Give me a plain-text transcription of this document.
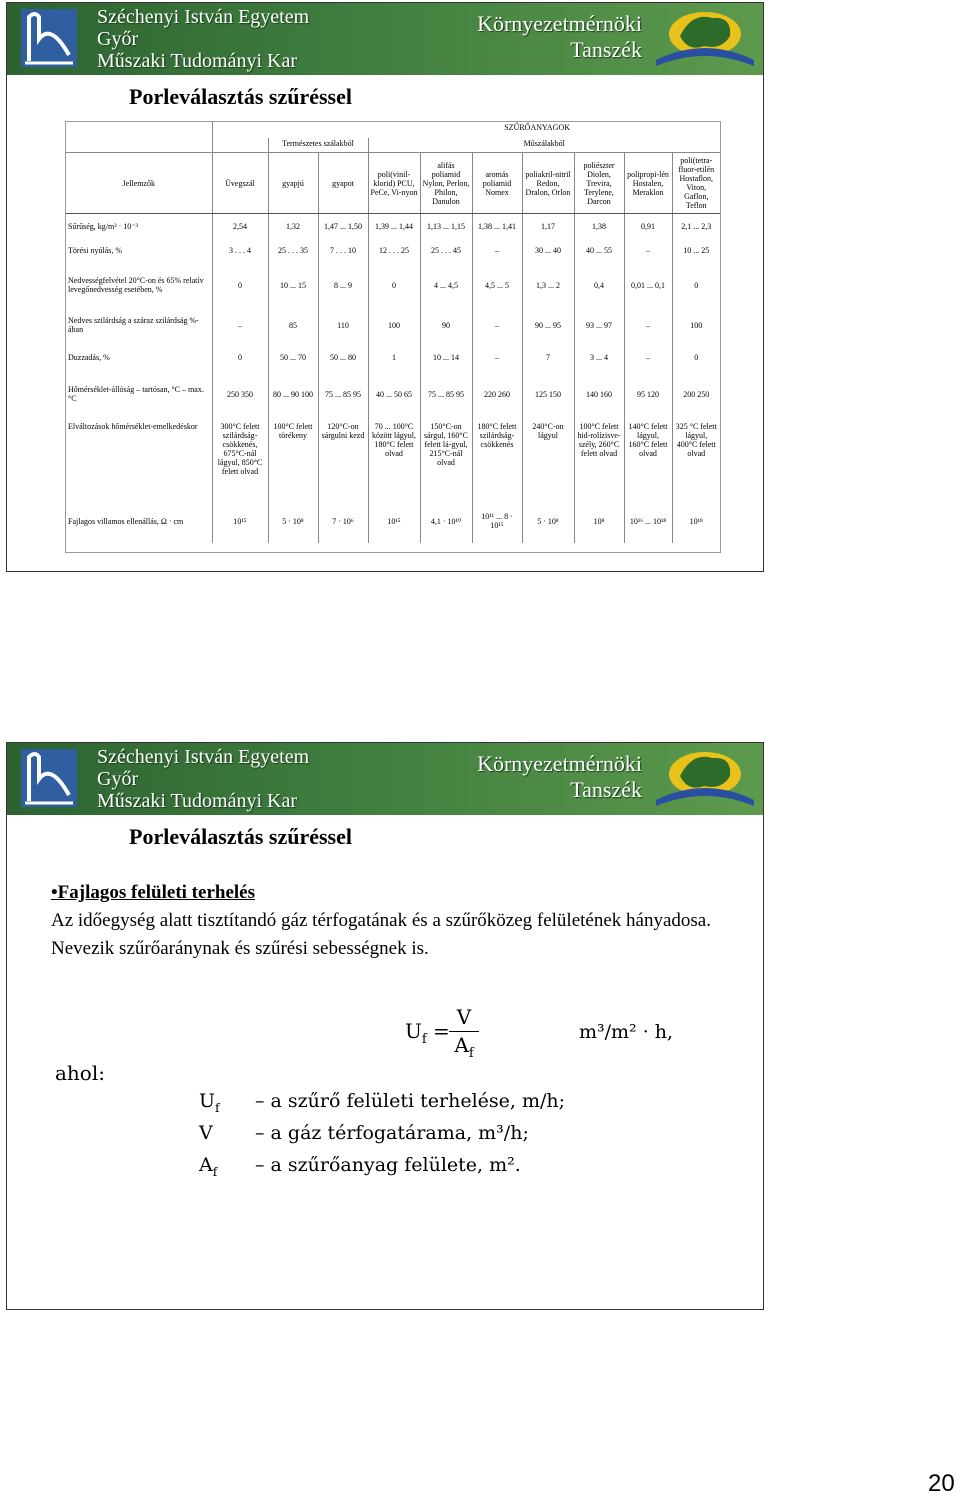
Széchenyi István Egyetem
Győr
Műszaki Tudományi Kar
Környezetmérnöki
Tanszék
Porleválasztás szűréssel
	SZŰRŐANYAGOK									
		Természetes szálakból		Műszálakból						
Jellemzők	Üvegszál	gyapjú	gyapot	poli(vinil-klorid) PCU, PeCe, Vi-nyon	alifás poliamid Nylon, Perlon, Philon, Danulon	aromás poliamid Nomex	poliakril-nitril Redon, Dralon, Orlon	poliészter Diolen, Trevira, Terylene, Darcon	polipropi-lén Hostalen, Meraklon	poli(tetra-fluor-etilén Hostaflon, Viton, Gaflon, Teflon
Sűrűség, kg/m³ · 10⁻³	2,54	1,32	1,47 ... 1,50	1,39 ... 1,44	1,13 ... 1,15	1,38 ... 1,41	1,17	1,38	0,91	2,1 ... 2,3
Törési nyúlás, %	3 . . . 4	25 . . . 35	7 . . . 10	12 . . . 25	25 . . . 45	–	30 ... 40	40 ... 55	–	10 ... 25
Nedvességfelvétel 20°C-on és 65% relatív levegőnedvesség esetében, %	0	10 ... 15	8 ... 9	0	4 ... 4,5	4,5 ... 5	1,3 ... 2	0,4	0,01 ... 0,1	0
Nedves szilárdság a száraz szilárdság %-ában	–	85	110	100	90	–	90 ... 95	93 ... 97	–	100
Duzzadás, %	0	50 ... 70	50 ... 80	1	10 ... 14	–	7	3 ... 4	–	0
Hőmérséklet-állóság – tartósan, °C – max. °C	250 350	80 ... 90 100	75 ... 85 95	40 ... 50 65	75 ... 85 95	220 260	125 150	140 160	95 120	200 250
Elváltozások hőmérséklet-emelkedéskor	300°C felett szilárdság-csökkenés, 675°C-nál lágyul, 850°C felett olvad	100°C felett törékeny	120°C-on sárgulni kezd	70 ... 100°C között lágyul, 180°C felett olvad	150°C-on sárgul, 160°C felett lá-gyul, 215°C-nál olvad	180°C felett szilárdság-csökkenés	240°C-on lágyul	100°C felett hid-rolízisve-szély, 260°C felett olvad	140°C felett lágyul, 160°C felett olvad	325 °C felett lágyul, 400°C felett olvad
Fajlagos villamos ellenállás, Ω · cm	10¹⁵	5 · 10⁸	7 · 10⁶	10¹⁵	4,1 · 10¹⁰	10¹¹ ... 8 · 10¹⁵	5 · 10⁸	10⁸	10¹⁶ ... 10¹⁸	10¹⁸
Széchenyi István Egyetem
Győr
Műszaki Tudományi Kar
Környezetmérnöki
Tanszék
Porleválasztás szűréssel
•Fajlagos felületi terhelés
Az időegység alatt tisztítandó gáz térfogatának és a szűrőközeg felületének hányadosa.
Nevezik szűrőaránynak és szűrési sebességnek is.
$U_f = \frac{V}{A_f}$	m³/m² · h,
ahol:
$U_f$ – a szűrő felületi terhelése, m/h;
V – a gáz térfogatárama, m³/h;
$A_f$ – a szűrőanyag felülete, m².
20
